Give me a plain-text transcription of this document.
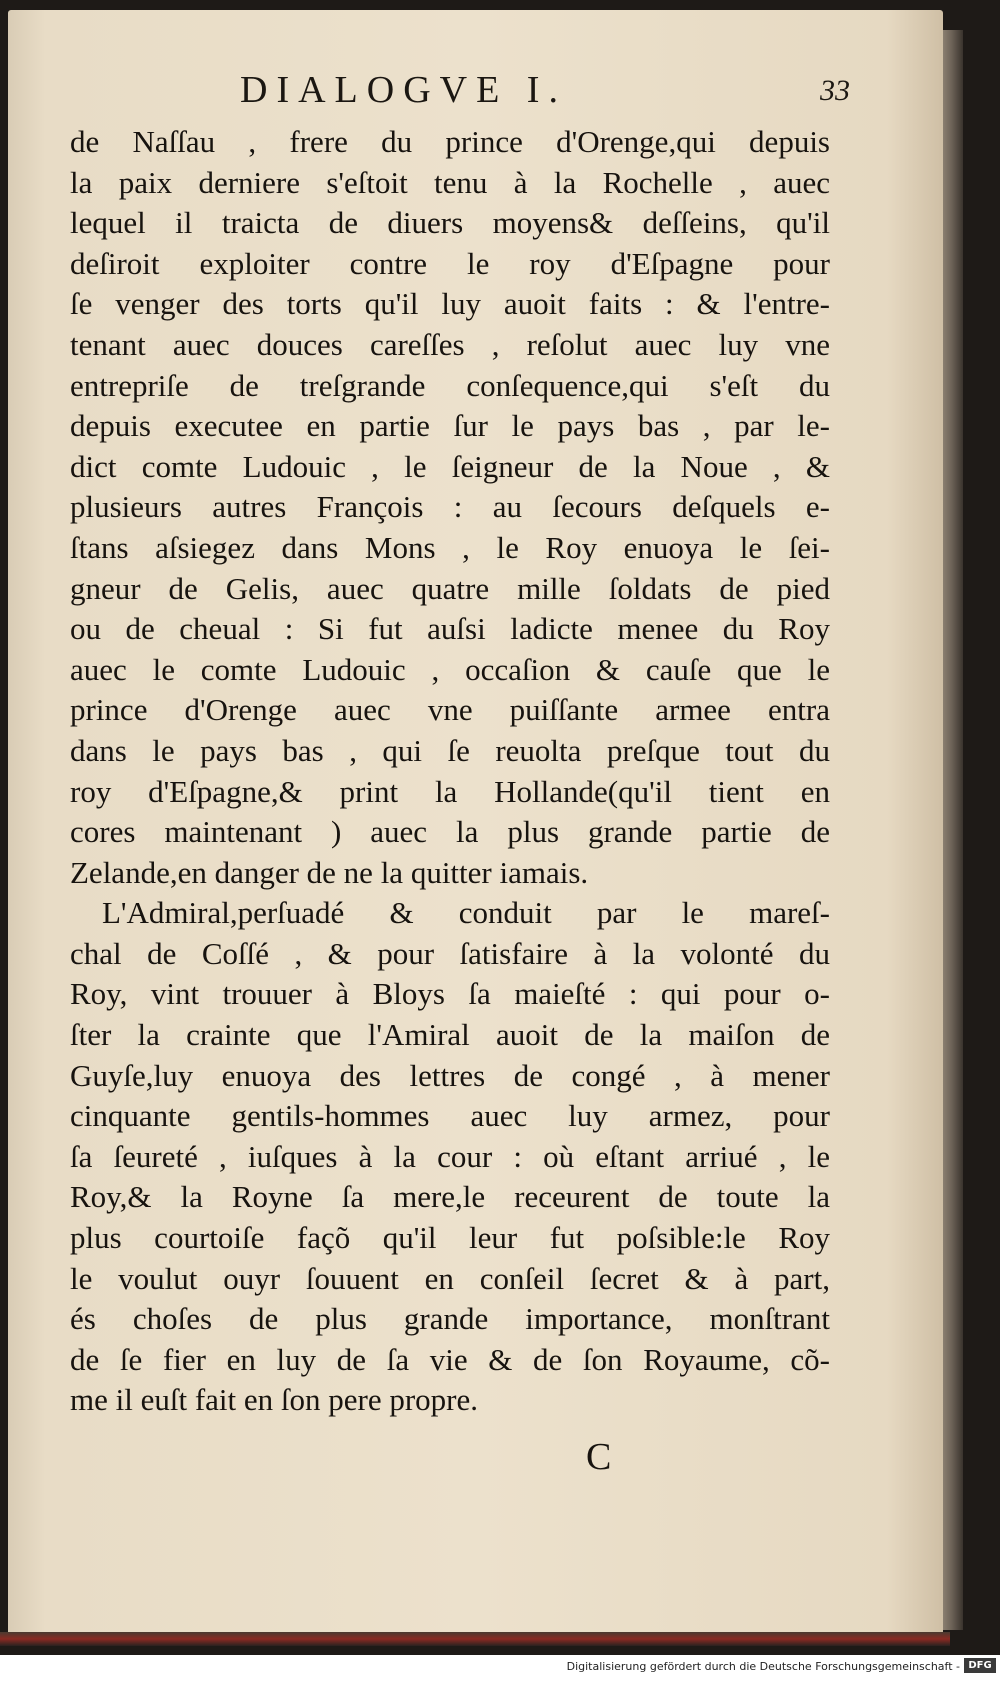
DIALOGVE I.	33
de Naſſau , frere du prince d'Orenge,qui depuis
la paix derniere s'eſtoit tenu à la Rochelle , auec
lequel il traicta de diuers moyens& deſſeins, qu'il
deſiroit exploiter contre le roy d'Eſpagne pour
ſe venger des torts qu'il luy auoit faits : & l'entre-
tenant auec douces careſſes , reſolut auec luy vne
entrepriſe de treſgrande conſequence,qui s'eſt du
depuis executee en partie ſur le pays bas , par le-
dict comte Ludouic , le ſeigneur de la Noue , &
plusieurs autres François : au ſecours deſquels e-
ſtans aſsiegez dans Mons , le Roy enuoya le ſei-
gneur de Gelis, auec quatre mille ſoldats de pied
ou de cheual : Si fut auſsi ladicte menee du Roy
auec le comte Ludouic , occaſion & cauſe que le
prince d'Orenge auec vne puiſſante armee entra
dans le pays bas , qui ſe reuolta preſque tout du
roy d'Eſpagne,& print la Hollande(qu'il tient en
cores maintenant ) auec la plus grande partie de
Zelande,en danger de ne la quitter iamais.
L'Admiral,perſuadé & conduit par le mareſ-
chal de Coſſé , & pour ſatisfaire à la volonté du
Roy, vint trouuer à Bloys ſa maieſté : qui pour o-
ſter la crainte que l'Amiral auoit de la maiſon de
Guyſe,luy enuoya des lettres de congé , à mener
cinquante gentils-hommes auec luy armez, pour
ſa ſeureté , iuſques à la cour : où eſtant arriué , le
Roy,& la Royne ſa mere,le receurent de toute la
plus courtoiſe façõ qu'il leur fut poſsible:le Roy
le voulut ouyr ſouuent en conſeil ſecret & à part,
és choſes de plus grande importance, monſtrant
de ſe fier en luy de ſa vie & de ſon Royaume, cõ-
me il euſt fait en ſon pere propre.
C
Digitalisierung gefördert durch die Deutsche Forschungsgemeinschaft - DFG
